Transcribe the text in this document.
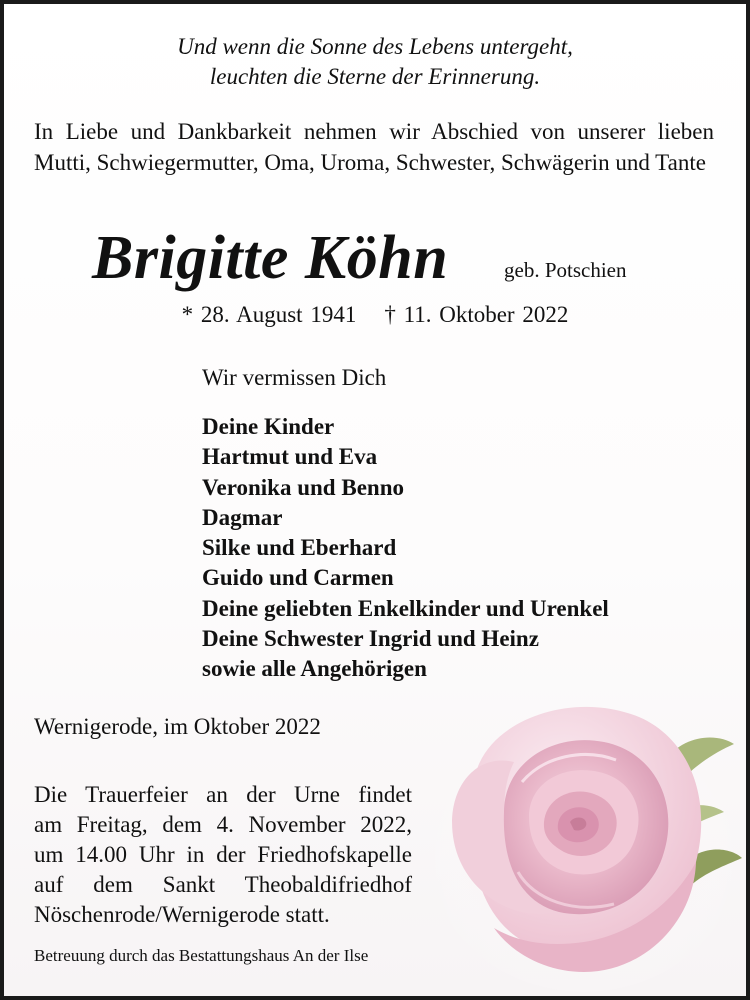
Und wenn die Sonne des Lebens untergeht,
leuchten die Sterne der Erinnerung.

In Liebe und Dankbarkeit nehmen wir Abschied von unserer lieben Mutti, Schwiegermutter, Oma, Uroma, Schwester, Schwägerin und Tante

Brigitte Köhn	geb. Potschien
* 28. August 1941 † 11. Oktober 2022
Wir vermissen Dich
Deine Kinder
Hartmut und Eva
Veronika und Benno
Dagmar
Silke und Eberhard
Guido und Carmen
Deine geliebten Enkelkinder und Urenkel
Deine Schwester Ingrid und Heinz
sowie alle Angehörigen
Wernigerode, im Oktober 2022
Die Trauerfeier an der Urne findet
am Freitag, dem 4. November 2022,
um 14.00 Uhr in der Friedhofskapelle
auf dem Sankt Theobaldifriedhof
Nöschenrode/Wernigerode statt.
Betreuung durch das Bestattungshaus An der Ilse
